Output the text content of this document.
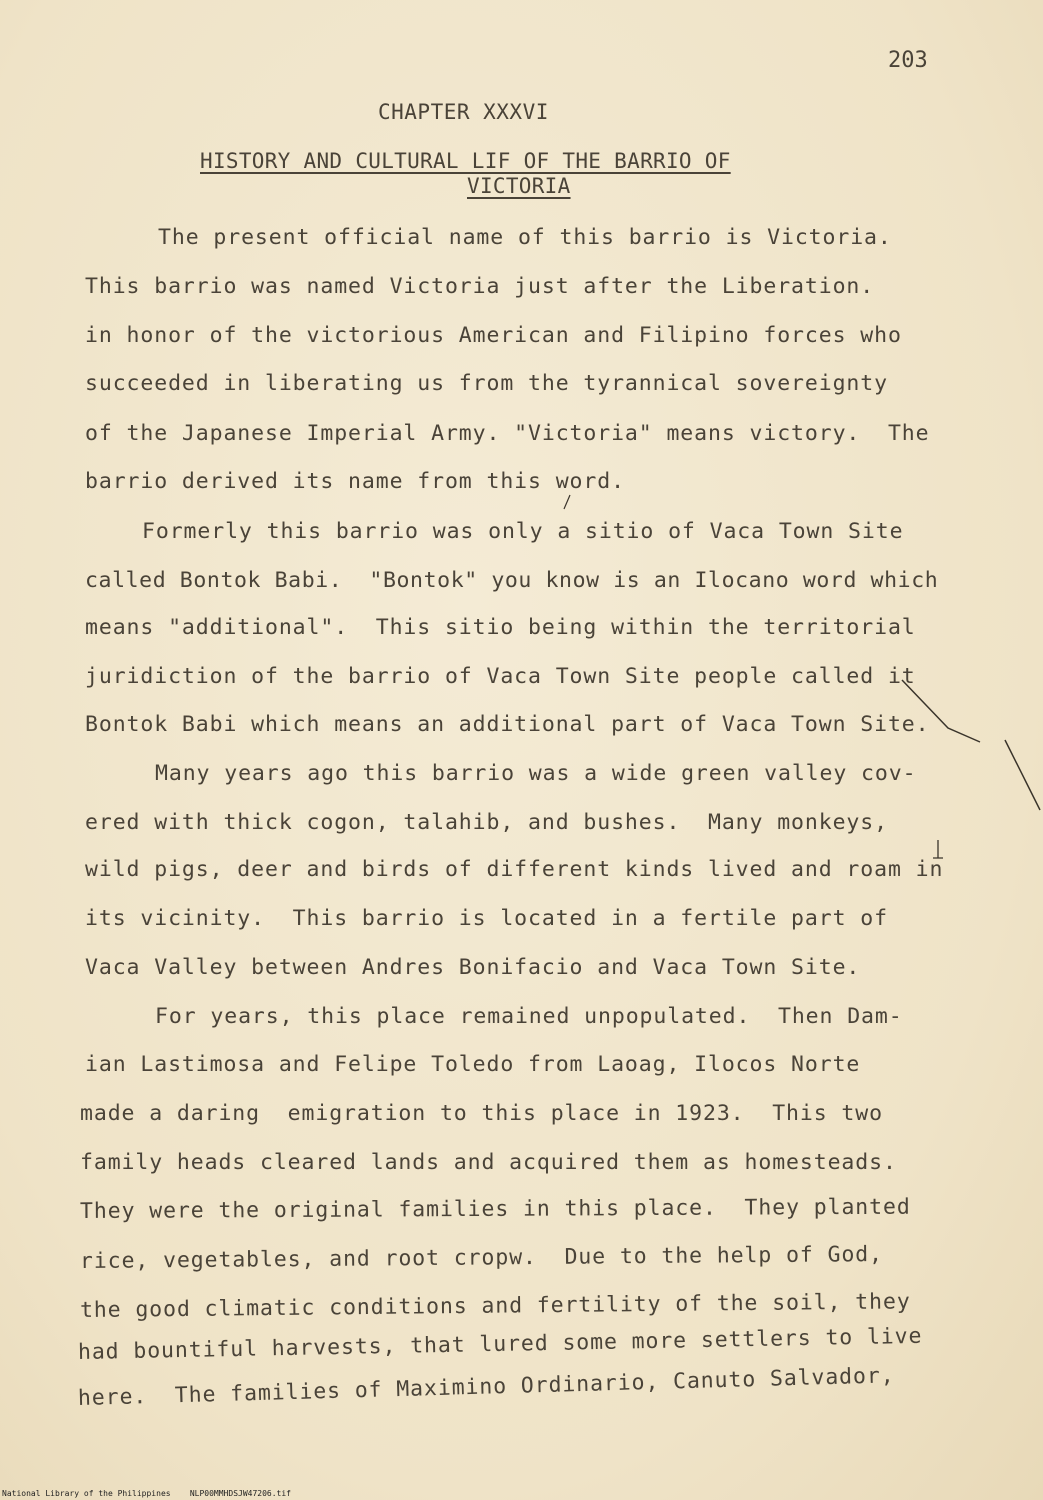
203
CHAPTER XXXVI
HISTORY AND CULTURAL LIF OF THE BARRIO OF
VICTORIA
The present official name of this barrio is Victoria.
This barrio was named Victoria just after the Liberation.
in honor of the victorious American and Filipino forces who
succeeded in liberating us from the tyrannical sovereignty
of the Japanese Imperial Army. "Victoria" means victory.  The
barrio derived its name from this word.
Formerly this barrio was only a sitio of Vaca Town Site
called Bontok Babi.  "Bontok" you know is an Ilocano word which
means "additional".  This sitio being within the territorial
juridiction of the barrio of Vaca Town Site people called it
Bontok Babi which means an additional part of Vaca Town Site.
Many years ago this barrio was a wide green valley cov-
ered with thick cogon, talahib, and bushes.  Many monkeys,
wild pigs, deer and birds of different kinds lived and roam in
its vicinity.  This barrio is located in a fertile part of
Vaca Valley between Andres Bonifacio and Vaca Town Site.
For years, this place remained unpopulated.  Then Dam-
ian Lastimosa and Felipe Toledo from Laoag, Ilocos Norte
made a daring  emigration to this place in 1923.  This two
family heads cleared lands and acquired them as homesteads.
They were the original families in this place.  They planted
rice, vegetables, and root cropw.  Due to the help of God,
the good climatic conditions and fertility of the soil, they
had bountiful harvests, that lured some more settlers to live
here.  The families of Maximino Ordinario, Canuto Salvador,
National Library of the Philippines    NLP00MMHDSJW47206.tif
